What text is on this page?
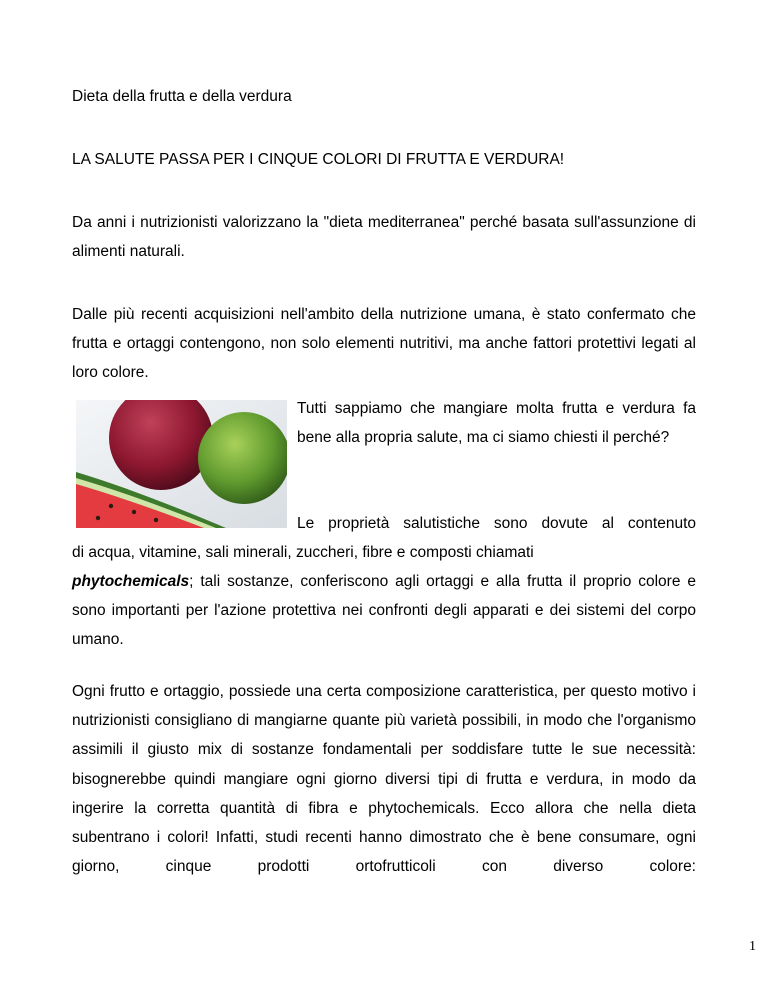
Dieta della frutta e della verdura

LA SALUTE PASSA PER I CINQUE COLORI DI FRUTTA E VERDURA!

Da anni i nutrizionisti valorizzano la "dieta mediterranea" perché basata sull'assunzione di alimenti naturali.

Dalle più recenti acquisizioni nell'ambito della nutrizione umana, è stato confermato che frutta e ortaggi contengono, non solo elementi nutritivi, ma anche fattori protettivi legati al loro colore.

Tutti sappiamo che mangiare molta frutta e verdura fa bene alla propria salute, ma ci siamo chiesti il perché?

Le proprietà salutistiche sono dovute al contenuto

di acqua, vitamine, sali minerali, zuccheri, fibre e composti chiamati
phytochemicals; tali sostanze, conferiscono agli ortaggi e alla frutta il proprio colore e sono importanti per l'azione protettiva nei confronti degli apparati e dei sistemi del corpo umano.

Ogni frutto e ortaggio, possiede una certa composizione caratteristica, per questo motivo i nutrizionisti consigliano di mangiarne quante più varietà possibili, in modo che l'organismo assimili il giusto mix di sostanze fondamentali per soddisfare tutte le sue necessità: bisognerebbe quindi mangiare ogni giorno diversi tipi di frutta e verdura, in modo da ingerire la corretta quantità di fibra e phytochemicals. Ecco allora che nella dieta subentrano i colori! Infatti, studi recenti hanno dimostrato che è bene consumare, ogni giorno, cinque prodotti ortofrutticoli con diverso colore:

1
